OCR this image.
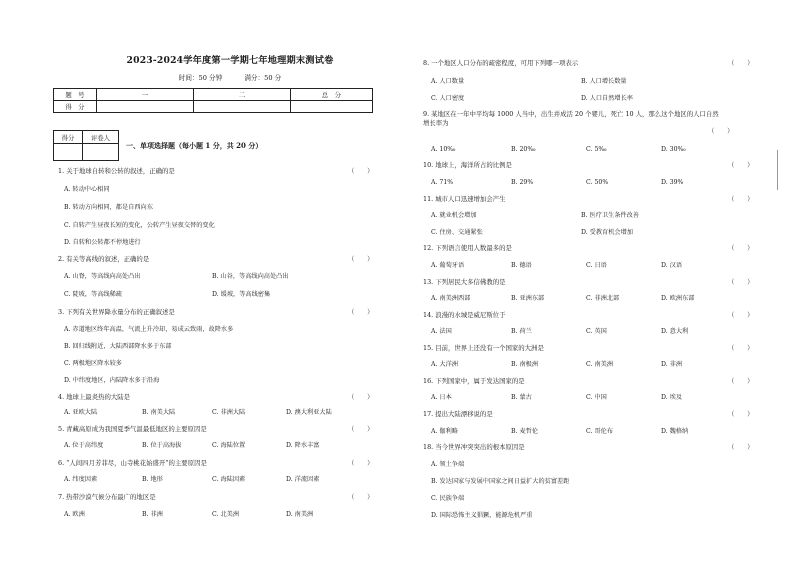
2023-2024学年度第一学期七年地理期末测试卷
时间：50 分钟	满分：50 分
题　号	一	二	总　分
得　分			
得分	评卷人

一、单项选择题（每小题 1 分，共 20 分）
1. 关于地球自转和公转的叙述，正确的是	（　　）
A. 转动中心相同
B. 转动方向相同，都是自西向东
C. 自转产生昼夜长短的变化，公转产生昼夜交替的变化
D. 自转和公转都不停地进行
2. 有关等高线的叙述，正确的是	（　　）
A. 山脊，等高线向高处凸出	B. 山谷，等高线向高处凸出
C. 陡坡，等高线稀疏	D. 缓坡，等高线密集
3. 下列有关世界降水量分布的正确叙述是	（　　）
A. 赤道地区终年高温，气流上升冷却，易成云致雨，故降水多
B. 回归线附近，大陆西部降水多于东部
C. 两极地区降水较多
D. 中纬度地区，内陆降水多于沿海
4. 地球上最炎热的大陆是	（　　）
A. 亚欧大陆	B. 南美大陆	C. 非洲大陆	D. 澳大利亚大陆
5. 青藏高原成为我国夏季气温最低地区的主要原因是	（　　）
A. 位于高纬度	B. 位于高海拔	C. 海陆位置	D. 降水丰富
6. “人间四月芳菲尽，山寺桃花始盛开”的主要原因是	（　　）
A. 纬度因素	B. 地形	C. 海陆因素	D. 洋流因素
7. 热带沙漠气候分布最广的地区是	（　　）
A. 欧洲	B. 非洲	C. 北美洲	D. 南美洲
8. 一个地区人口分布的疏密程度，可用下列哪一项表示	（　　）
A. 人口数量	B. 人口增长数量
C. 人口密度	D. 人口自然增长率
9. 某地区在一年中平均每 1000 人当中，出生并成活 20 个婴儿，死亡 10 人，那么这个地区的人口自然增长率为
（　　）
A. 10‰	B. 20‰	C. 5‰	D. 30‰
10. 地球上，海洋所占的比例是	（　　）
A. 71%	B. 29%	C. 50%	D. 39%
11. 城市人口迅速增加会产生	（　　）
A. 就业机会增加	B. 医疗卫生条件改善
C. 住房、交通紧张	D. 受教育机会增加
12. 下列语言使用人数最多的是	（　　）
A. 葡萄牙语	B. 德语	C. 日语	D. 汉语
13. 下列居民大多信佛教的是	（　　）
A. 南美洲西部	B. 亚洲东部	C. 非洲北部	D. 欧洲东部
14. 浪漫的水城是威尼斯位于	（　　）
A. 法国	B. 荷兰	C. 英国	D. 意大利
15. 目前，世界上还没有一个国家的大洲是	（　　）
A. 大洋洲	B. 南极洲	C. 南美洲	D. 非洲
16. 下列国家中，属于发达国家的是	（　　）
A. 日本	B. 蒙古	C. 中国	D. 埃及
17. 提出大陆漂移说的是	（　　）
A. 伽利略	B. 麦哲伦	C. 哥伦布	D. 魏格纳
18. 当今世界冲突突出的根本原因是	（　　）
A. 领土争端
B. 发达国家与发展中国家之间日益扩大的贫富差距
C. 民族争端
D. 国际恐怖主义猖獗，能源危机严重
